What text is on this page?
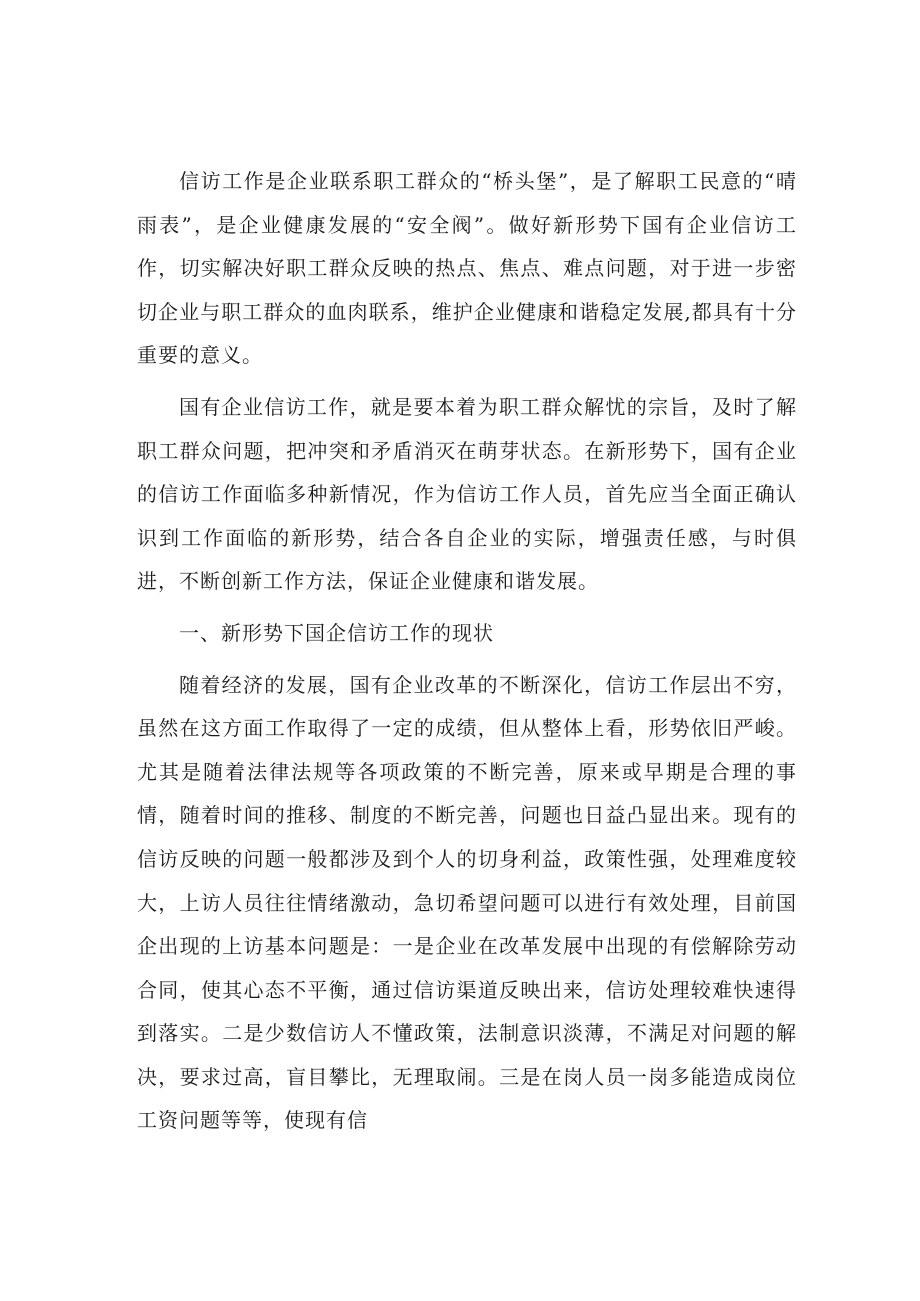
信访工作是企业联系职工群众的“桥头堡”，是了解职工民意的“晴雨表”，是企业健康发展的“安全阀”。做好新形势下国有企业信访工作，切实解决好职工群众反映的热点、焦点、难点问题，对于进一步密切企业与职工群众的血肉联系，维护企业健康和谐稳定发展,都具有十分重要的意义。

国有企业信访工作，就是要本着为职工群众解忧的宗旨，及时了解职工群众问题，把冲突和矛盾消灭在萌芽状态。在新形势下，国有企业的信访工作面临多种新情况，作为信访工作人员，首先应当全面正确认识到工作面临的新形势，结合各自企业的实际，增强责任感，与时俱进，不断创新工作方法，保证企业健康和谐发展。

一、新形势下国企信访工作的现状

随着经济的发展，国有企业改革的不断深化，信访工作层出不穷，虽然在这方面工作取得了一定的成绩，但从整体上看，形势依旧严峻。尤其是随着法律法规等各项政策的不断完善，原来或早期是合理的事情，随着时间的推移、制度的不断完善，问题也日益凸显出来。现有的信访反映的问题一般都涉及到个人的切身利益，政策性强，处理难度较大，上访人员往往情绪激动，急切希望问题可以进行有效处理，目前国企出现的上访基本问题是：一是企业在改革发展中出现的有偿解除劳动合同，使其心态不平衡，通过信访渠道反映出来，信访处理较难快速得到落实。二是少数信访人不懂政策，法制意识淡薄，不满足对问题的解决，要求过高，盲目攀比，无理取闹。三是在岗人员一岗多能造成岗位工资问题等等，使现有信
